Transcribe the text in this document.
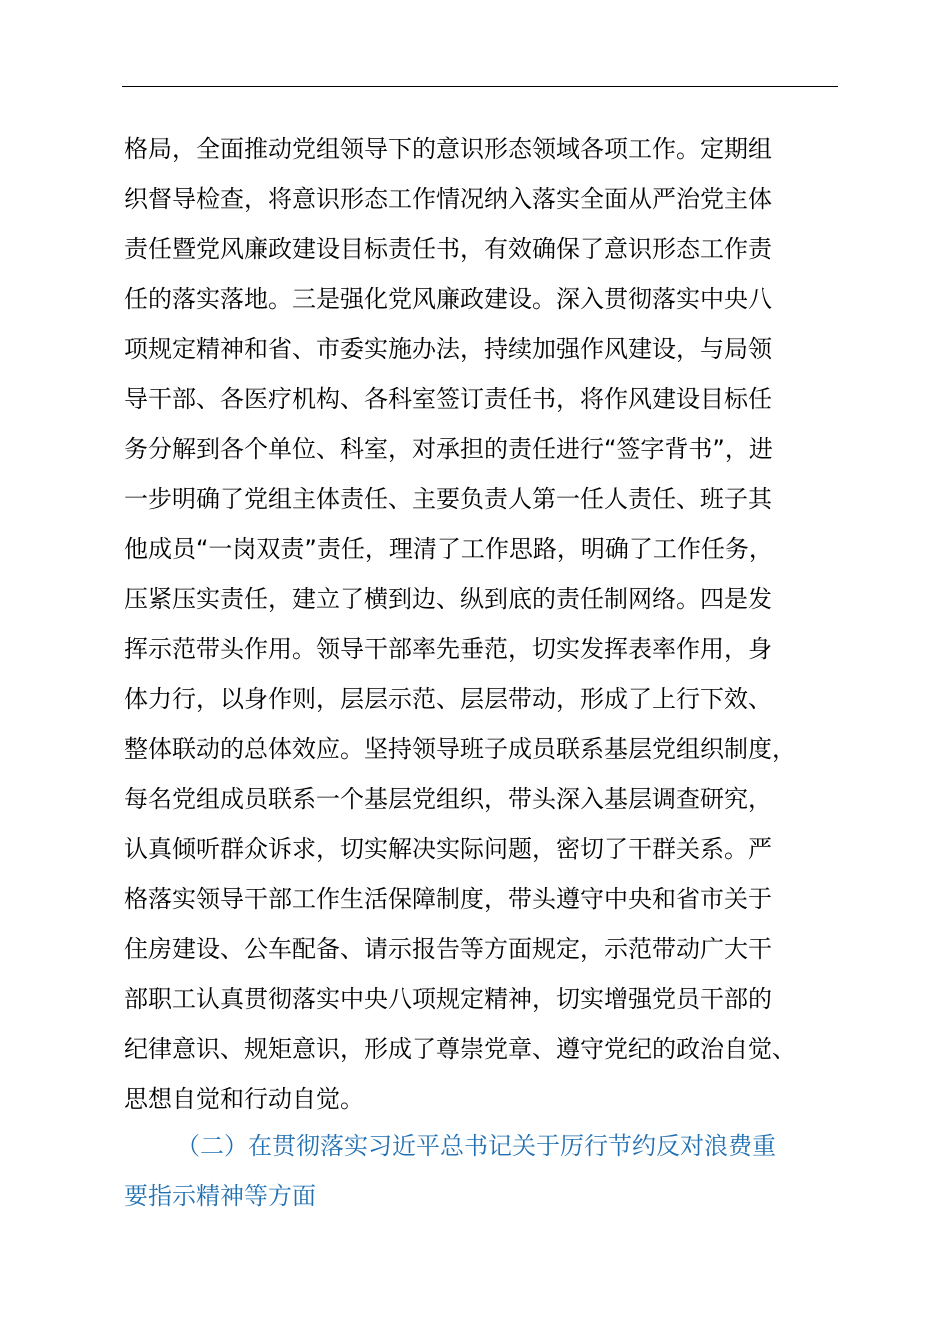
格局，全面推动党组领导下的意识形态领域各项工作。定期组
织督导检查，将意识形态工作情况纳入落实全面从严治党主体
责任暨党风廉政建设目标责任书，有效确保了意识形态工作责
任的落实落地。三是强化党风廉政建设。深入贯彻落实中央八
项规定精神和省、市委实施办法，持续加强作风建设，与局领
导干部、各医疗机构、各科室签订责任书，将作风建设目标任
务分解到各个单位、科室，对承担的责任进行“签字背书”，进
一步明确了党组主体责任、主要负责人第一任人责任、班子其
他成员“一岗双责”责任，理清了工作思路，明确了工作任务，
压紧压实责任，建立了横到边、纵到底的责任制网络。四是发
挥示范带头作用。领导干部率先垂范，切实发挥表率作用，身
体力行，以身作则，层层示范、层层带动，形成了上行下效、
整体联动的总体效应。坚持领导班子成员联系基层党组织制度，
每名党组成员联系一个基层党组织，带头深入基层调查研究，
认真倾听群众诉求，切实解决实际问题，密切了干群关系。严
格落实领导干部工作生活保障制度，带头遵守中央和省市关于
住房建设、公车配备、请示报告等方面规定，示范带动广大干
部职工认真贯彻落实中央八项规定精神，切实增强党员干部的
纪律意识、规矩意识，形成了尊崇党章、遵守党纪的政治自觉、
思想自觉和行动自觉。
（二）在贯彻落实习近平总书记关于厉行节约反对浪费重
要指示精神等方面
